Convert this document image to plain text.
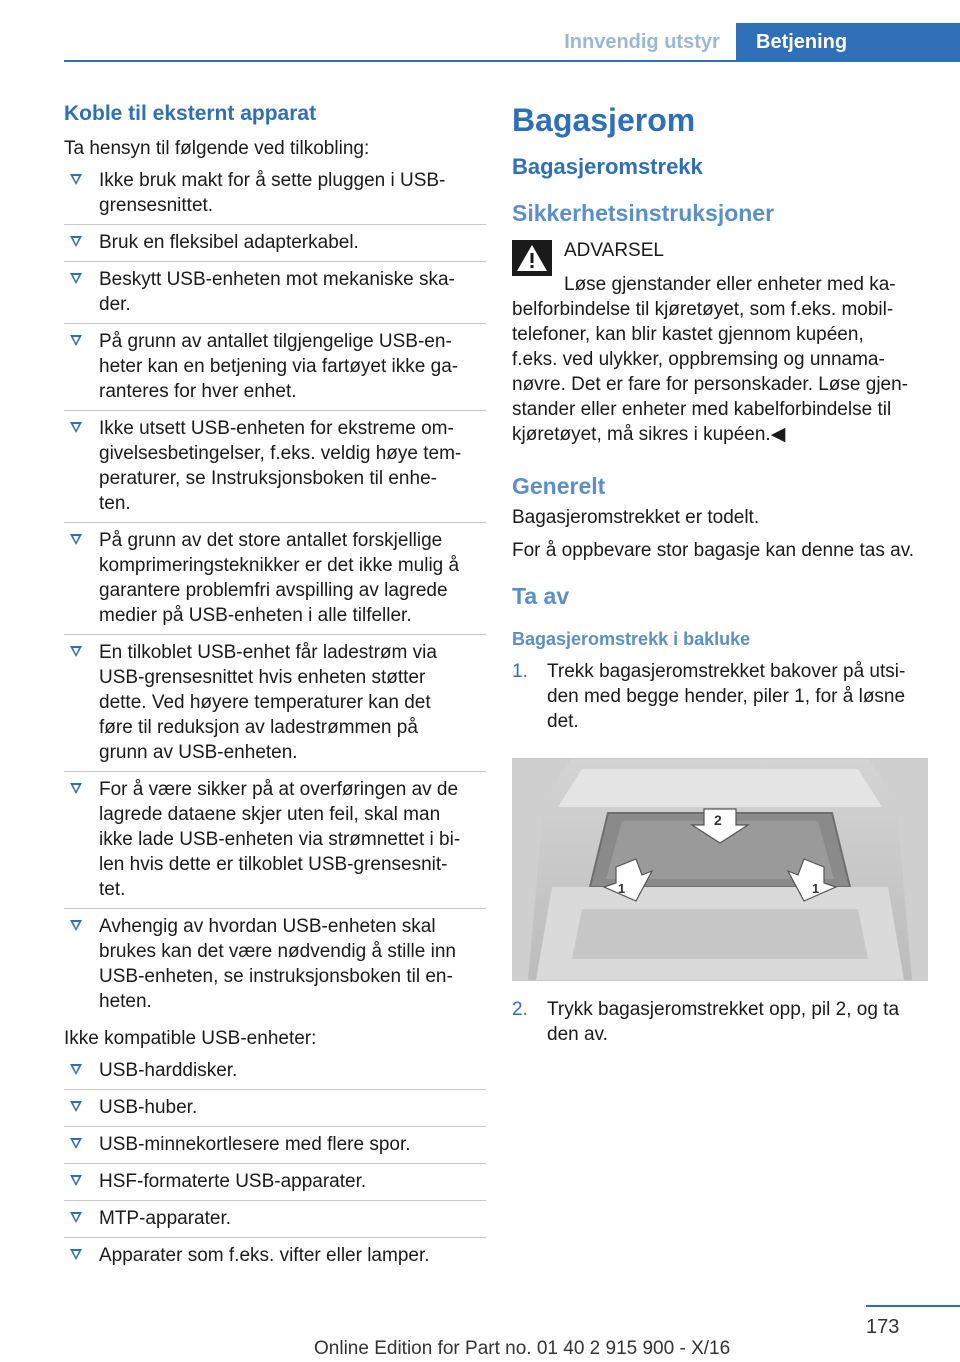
Innvendig utstyr	Betjening
Koble til eksternt apparat
Ta hensyn til følgende ved tilkobling:
Ikke bruk makt for å sette pluggen i USB-
grensesnittet.
Bruk en fleksibel adapterkabel.
Beskytt USB-enheten mot mekaniske ska-
der.
På grunn av antallet tilgjengelige USB-en-
heter kan en betjening via fartøyet ikke ga-
ranteres for hver enhet.
Ikke utsett USB-enheten for ekstreme om-
givelsesbetingelser, f.eks. veldig høye tem-
peraturer, se Instruksjonsboken til enhe-
ten.
På grunn av det store antallet forskjellige
komprimeringsteknikker er det ikke mulig å
garantere problemfri avspilling av lagrede
medier på USB-enheten i alle tilfeller.
En tilkoblet USB-enhet får ladestrøm via
USB-grensesnittet hvis enheten støtter
dette. Ved høyere temperaturer kan det
føre til reduksjon av ladestrømmen på
grunn av USB-enheten.
For å være sikker på at overføringen av de
lagrede dataene skjer uten feil, skal man
ikke lade USB-enheten via strømnettet i bi-
len hvis dette er tilkoblet USB-grensesnit-
tet.
Avhengig av hvordan USB-enheten skal
brukes kan det være nødvendig å stille inn
USB-enheten, se instruksjonsboken til en-
heten.
Ikke kompatible USB-enheter:
USB-harddisker.
USB-huber.
USB-minnekortlesere med flere spor.
HSF-formaterte USB-apparater.
MTP-apparater.
Apparater som f.eks. vifter eller lamper.
Bagasjerom
Bagasjeromstrekk
Sikkerhetsinstruksjoner
ADVARSEL
Løse gjenstander eller enheter med ka-
belforbindelse til kjøretøyet, som f.eks. mobil-
telefoner, kan blir kastet gjennom kupéen,
f.eks. ved ulykker, oppbremsing og unnama-
nøvre. Det er fare for personskader. Løse gjen-
stander eller enheter med kabelforbindelse til
kjøretøyet, må sikres i kupéen.◀
Generelt
Bagasjeromstrekket er todelt.
For å oppbevare stor bagasje kan denne tas av.
Ta av
Bagasjeromstrekk i bakluke
1. Trekk bagasjeromstrekket bakover på utsi-
den med begge hender, piler 1, for å løsne
det.
2
1	1
2. Trykk bagasjeromstrekket opp, pil 2, og ta
den av.
173
Online Edition for Part no. 01 40 2 915 900 - X/16
